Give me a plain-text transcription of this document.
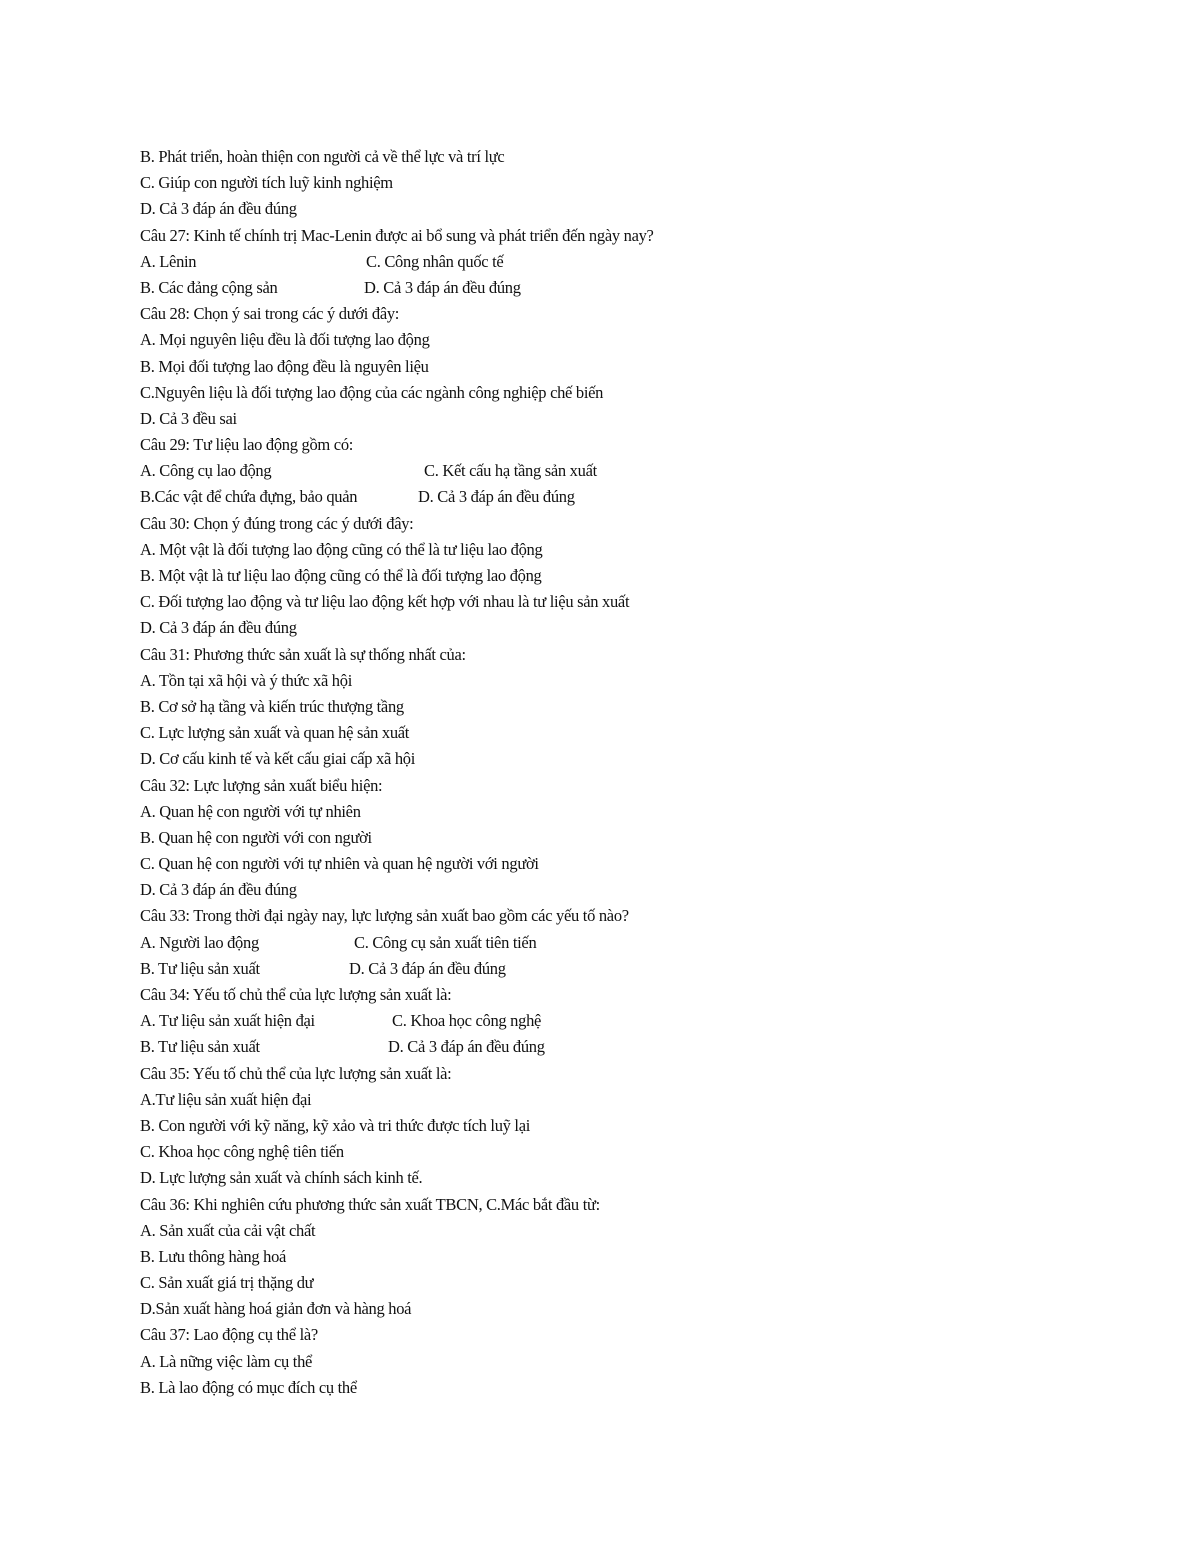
B. Phát triển, hoàn thiện con người cả về thể lực và trí lực
C. Giúp con người tích luỹ kinh nghiệm
D. Cả 3 đáp án đều đúng
Câu 27: Kinh tế chính trị Mac-Lenin được ai bổ sung và phát triển đến ngày nay?
A. Lênin	C. Công nhân quốc tế
B. Các đảng cộng sản	D. Cả 3 đáp án đều đúng
Câu 28: Chọn ý sai trong các ý dưới đây:
A. Mọi nguyên liệu đều là đối tượng lao động
B. Mọi đối tượng lao động đều là nguyên liệu
C.Nguyên liệu là đối tượng lao động của các ngành công nghiệp chế biến
D. Cả 3 đều sai
Câu 29: Tư liệu lao động gồm có:
A. Công cụ lao động	C. Kết cấu hạ tầng sản xuất
B.Các vật để chứa đựng, bảo quản	D. Cả 3 đáp án đều đúng
Câu 30: Chọn ý đúng trong các ý dưới đây:
A. Một vật là đối tượng lao động cũng có thể là tư liệu lao động
B. Một vật là tư liệu lao động cũng có thể là đối tượng lao động
C. Đối tượng lao động và tư liệu lao động kết hợp với nhau là tư liệu sản xuất
D. Cả 3 đáp án đều đúng
Câu 31: Phương thức sản xuất là sự thống nhất của:
A. Tồn tại xã hội và ý thức xã hội
B. Cơ sở hạ tầng và kiến trúc thượng tầng
C. Lực lượng sản xuất và quan hệ sản xuất
D. Cơ cấu kinh tế và kết cấu giai cấp xã hội
Câu 32: Lực lượng sản xuất biểu hiện:
A. Quan hệ con người với tự nhiên
B. Quan hệ con người với con người
C. Quan hệ con người với tự nhiên và quan hệ người với người
D. Cả 3 đáp án đều đúng
Câu 33: Trong thời đại ngày nay, lực lượng sản xuất bao gồm các yếu tố nào?
A. Người lao động	C. Công cụ sản xuất tiên tiến
B. Tư liệu sản xuất	D. Cả 3 đáp án đều đúng
Câu 34: Yếu tố chủ thể của lực lượng sản xuất là:
A. Tư liệu sản xuất hiện đại	C. Khoa học công nghệ
B. Tư liệu sản xuất	D. Cả 3 đáp án đều đúng
Câu 35: Yếu tố chủ thể của lực lượng sản xuất là:
A.Tư liệu sản xuất hiện đại
B. Con người với kỹ năng, kỹ xảo và tri thức được tích luỹ lại
C. Khoa học công nghệ tiên tiến
D. Lực lượng sản xuất và chính sách kinh tế.
Câu 36: Khi nghiên cứu phương thức sản xuất TBCN, C.Mác bắt đầu từ:
A. Sản xuất của cải vật chất
B. Lưu thông hàng hoá
C. Sản xuất giá trị thặng dư
D.Sản xuất hàng hoá giản đơn và hàng hoá
Câu 37: Lao động cụ thể là?
A. Là nững việc làm cụ thể
B. Là lao động có mục đích cụ thể
